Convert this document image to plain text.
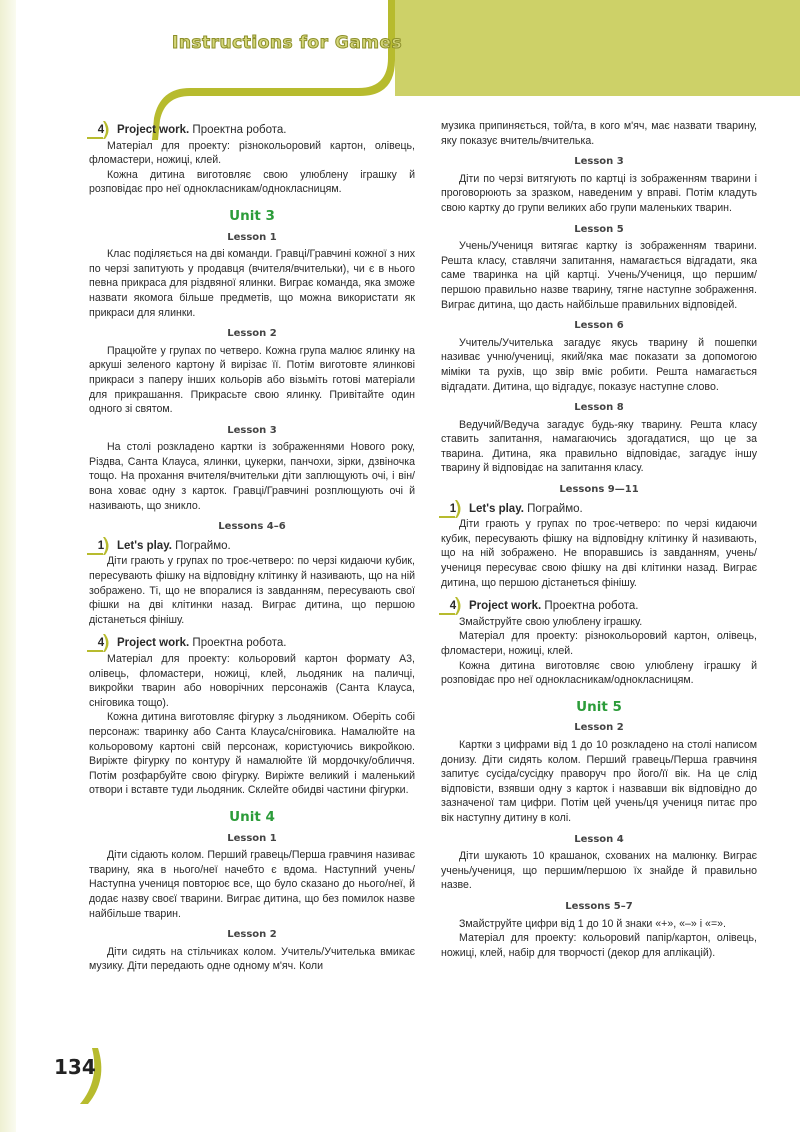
Instructions for Games
4 Project work. Проектна робота.

Матеріал для проекту: різнокольоровий картон, олівець, фломастери, ножиці, клей.

Кожна дитина виготовляє свою улюблену іграшку й розповідає про неї однокласникам/однокласницям.

Unit 3
Lesson 1

Клас поділяється на дві команди. Гравці/Гравчині кожної з них по черзі запитують у продавця (вчителя/вчительки), чи є в нього певна прикраса для різдвяної ялинки. Виграє команда, яка зможе назвати якомога більше предметів, що можна використати як прикраси для ялинки.

Lesson 2

Працюйте у групах по четверо. Кожна група малює ялинку на аркуші зеленого картону й вирізає її. Потім виготовте ялинкові прикраси з паперу інших кольорів або візьміть готові матеріали для прикрашання. Прикрасьте свою ялинку. Привітайте один одного зі святом.

Lesson 3

На столі розкладено картки із зображеннями Нового року, Різдва, Санта Клауса, ялинки, цукерки, панчохи, зірки, дзвіночка тощо. На прохання вчителя/вчительки діти заплющують очі, і він/вона ховає одну з карток. Гравці/Гравчині розплющують очі й називають, що зникло.

Lessons 4–6
1 Let's play. Пограймо.

Діти грають у групах по троє-четверо: по черзі кидаючи кубик, пересувають фішку на відповідну клітинку й називають, що на ній зображено. Ті, що не впоралися із завданням, пересувають свої фішки на дві клітинки назад. Виграє дитина, що першою дістанеться фінішу.

4 Project work. Проектна робота.

Матеріал для проекту: кольоровий картон формату А3, олівець, фломастери, ножиці, клей, льодяник на паличці, викройки тварин або новорічних персонажів (Санта Клауса, сніговика тощо).

Кожна дитина виготовляє фігурку з льодяником. Оберіть собі персонаж: тваринку або Санта Клауса/сніговика. Намалюйте на кольоровому картоні свій персонаж, користуючись викройкою. Виріжте фігурку по контуру й намалюйте їй мордочку/обличчя. Потім розфарбуйте свою фігурку. Виріжте великий і маленький отвори і вставте туди льодяник. Склейте обидві частини фігурки.

Unit 4
Lesson 1

Діти сідають колом. Перший гравець/Перша гравчиня називає тварину, яка в нього/неї начебто є вдома. Наступний учень/Наступна учениця повторює все, що було сказано до нього/неї, й додає назву своєї тварини. Виграє дитина, що без помилок назве найбільше тварин.

Lesson 2

Діти сидять на стільчиках колом. Учитель/Учителька вмикає музику. Діти передають одне одному м'яч. Коли

музика припиняється, той/та, в кого м'яч, має назвати тварину, яку показує вчитель/вчителька.

Lesson 3

Діти по черзі витягують по картці із зображенням тварини і проговорюють за зразком, наведеним у вправі. Потім кладуть свою картку до групи великих або групи маленьких тварин.

Lesson 5

Учень/Учениця витягає картку із зображенням тварини. Решта класу, ставлячи запитання, намагається відгадати, яка саме тваринка на цій картці. Учень/Учениця, що першим/першою правильно назве тварину, тягне наступне зображення. Виграє дитина, що дасть найбільше правильних відповідей.

Lesson 6

Учитель/Учителька загадує якусь тварину й пошепки називає учню/учениці, який/яка має показати за допомогою міміки та рухів, що звір вміє робити. Решта намагається відгадати. Дитина, що відгадує, показує наступне слово.

Lesson 8

Ведучий/Ведуча загадує будь-яку тварину. Решта класу ставить запитання, намагаючись здогадатися, що це за тварина. Дитина, яка правильно відповідає, загадує іншу тварину й відповідає на запитання класу.

Lessons 9—11
1 Let's play. Пограймо.

Діти грають у групах по троє-четверо: по черзі кидаючи кубик, пересувають фішку на відповідну клітинку й називають, що на ній зображено. Не впоравшись із завданням, учень/учениця пересуває свою фішку на дві клітинки назад. Виграє дитина, що першою дістанеться фінішу.

4 Project work. Проектна робота.

Змайструйте свою улюблену іграшку.

Матеріал для проекту: різнокольоровий картон, олівець, фломастери, ножиці, клей.

Кожна дитина виготовляє свою улюблену іграшку й розповідає про неї однокласникам/однокласницям.

Unit 5
Lesson 2

Картки з цифрами від 1 до 10 розкладено на столі написом донизу. Діти сидять колом. Перший гравець/Перша гравчиня запитує сусіда/сусідку праворуч про його/її вік. На це слід відповісти, взявши одну з карток і назвавши вік відповідно до зазначеної там цифри. Потім цей учень/ця учениця питає про вік наступну дитину в колі.

Lesson 4

Діти шукають 10 крашанок, схованих на малюнку. Виграє учень/учениця, що першим/першою їх знайде й правильно назве.

Lessons 5–7

Змайструйте цифри від 1 до 10 й знаки «+», «–» і «=».

Матеріал для проекту: кольоровий папір/картон, олівець, ножиці, клей, набір для творчості (декор для аплікацій).

134
